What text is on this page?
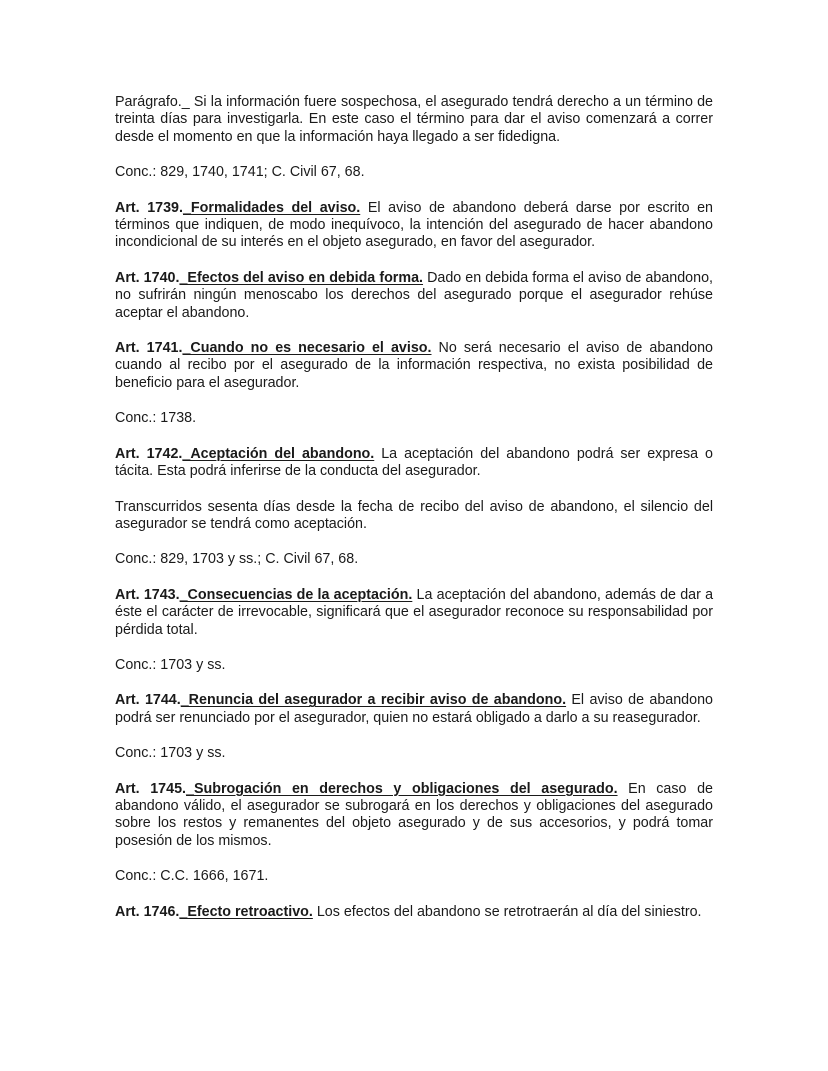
Parágrafo._ Si la información fuere sospechosa, el asegurado tendrá derecho a un término de treinta días para investigarla. En este caso el término para dar el aviso comenzará a correr desde el momento en que la información haya llegado a ser fidedigna.

Conc.: 829, 1740, 1741; C. Civil 67, 68.

Art. 1739._Formalidades del aviso. El aviso de abandono deberá darse por escrito en términos que indiquen, de modo inequívoco, la intención del asegurado de hacer abandono incondicional de su interés en el objeto asegurado, en favor del asegurador.

Art. 1740._Efectos del aviso en debida forma. Dado en debida forma el aviso de abandono, no sufrirán ningún menoscabo los derechos del asegurado porque el asegurador rehúse aceptar el abandono.

Art. 1741._Cuando no es necesario el aviso. No será necesario el aviso de abandono cuando al recibo por el asegurado de la información respectiva, no exista posibilidad de beneficio para el asegurador.

Conc.: 1738.

Art. 1742._Aceptación del abandono. La aceptación del abandono podrá ser expresa o tácita. Esta podrá inferirse de la conducta del asegurador.

Transcurridos sesenta días desde la fecha de recibo del aviso de abandono, el silencio del asegurador se tendrá como aceptación.

Conc.: 829, 1703 y ss.; C. Civil 67, 68.

Art. 1743._Consecuencias de la aceptación. La aceptación del abandono, además de dar a éste el carácter de irrevocable, significará que el asegurador reconoce su responsabilidad por pérdida total.

Conc.: 1703 y ss.

Art. 1744._Renuncia del asegurador a recibir aviso de abandono. El aviso de abandono podrá ser renunciado por el asegurador, quien no estará obligado a darlo a su reasegurador.

Conc.: 1703 y ss.

Art. 1745._Subrogación en derechos y obligaciones del asegurado. En caso de abandono válido, el asegurador se subrogará en los derechos y obligaciones del asegurado sobre los restos y remanentes del objeto asegurado y de sus accesorios, y podrá tomar posesión de los mismos.

Conc.: C.C. 1666, 1671.

Art. 1746._Efecto retroactivo. Los efectos del abandono se retrotraerán al día del siniestro.
